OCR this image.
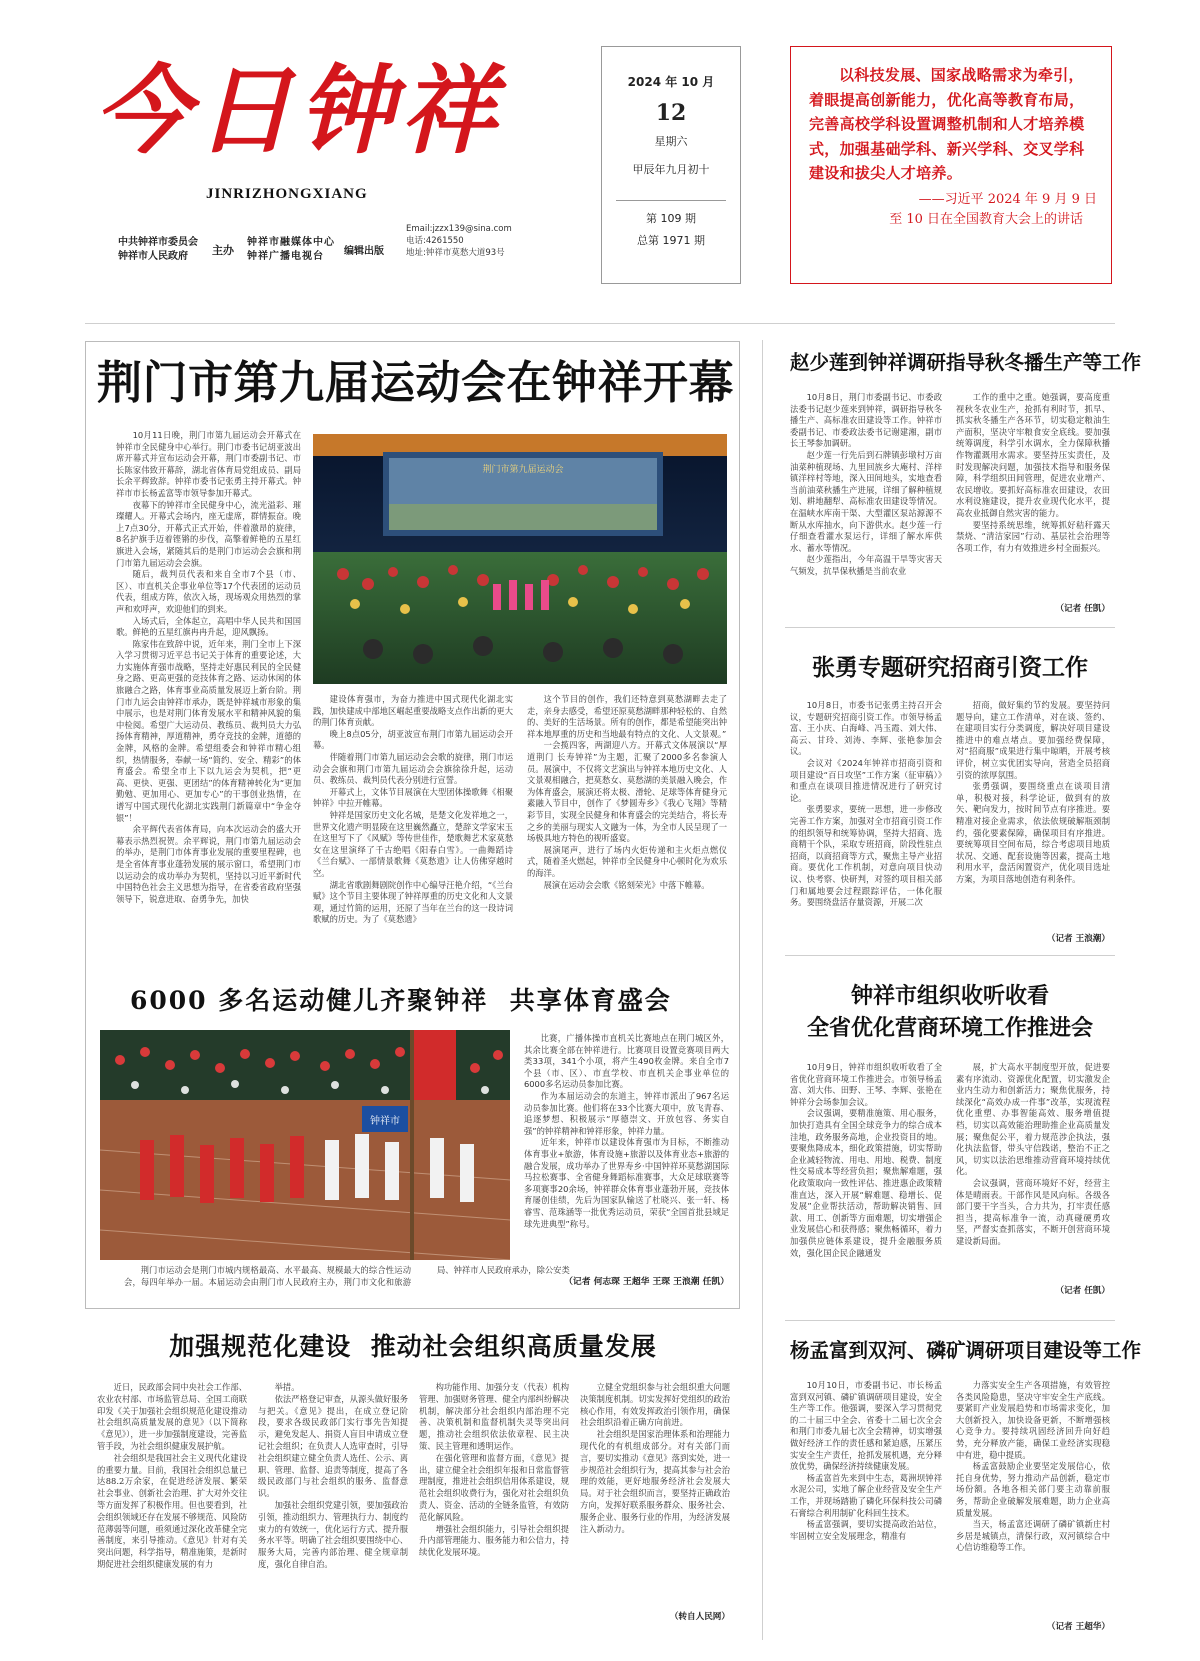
今日钟祥
JINRIZHONGXIANG
中共钟祥市委员会
钟祥市人民政府	主办
钟祥市融媒体中心
钟祥广播电视台	编辑出版
Email:jzzx139@sina.com
电话:4261550
地址:钟祥市莫愁大道93号
2024 年 10 月
12
星期六
甲辰年九月初十
第 109 期
总第 1971 期
以科技发展、国家战略需求为牵引，着眼提高创新能力，优化高等教育布局，完善高校学科设置调整机制和人才培养模式，加强基础学科、新兴学科、交叉学科建设和拔尖人才培养。
——习近平 2024 年 9 月 9 日
至 10 日在全国教育大会上的讲话
荆门市第九届运动会在钟祥开幕

10月11日晚，荆门市第九届运动会开幕式在钟祥市全民健身中心举行。荆门市委书记胡亚波出席开幕式并宣布运动会开幕，荆门市委副书记、市长陈家伟致开幕辞，湖北省体育局党组成员、副局长余平辉致辞。钟祥市委书记张勇主持开幕式。钟祥市市长杨孟富等市领导参加开幕式。

夜幕下的钟祥市全民健身中心，流光溢彩、璀璨耀人。开幕式会场内，座无虚席，群情振奋。晚上7点30分，开幕式正式开始，伴着激昂的旋律，8名护旗手迈着铿锵的步伐，高擎着鲜艳的五星红旗进入会场，紧随其后的是荆门市运动会会旗和荆门市第九届运动会会旗。

随后，裁判员代表和来自全市7个县（市、区）、市直机关企事业单位等17个代表团的运动员代表，组成方阵，依次入场，现场观众用热烈的掌声和欢呼声，欢迎他们的到来。

入场式后，全体起立，高唱中华人民共和国国歌。鲜艳的五星红旗冉冉升起，迎风飘扬。

陈家伟在致辞中说，近年来，荆门全市上下深入学习贯彻习近平总书记关于体育的重要论述，大力实施体育强市战略，坚持走好惠民利民的全民健身之路、更高更强的竞技体育之路、运动休闲的体旅融合之路，体育事业高质量发展迈上新台阶。荆门市九运会由钟祥市承办，既是钟祥城市形象的集中展示，也是对荆门体育发展水平和精神风貌的集中检阅。希望广大运动员、教练员、裁判员大力弘扬体育精神，厚道精神，勇夺竞技的金牌，道德的金牌，风格的金牌。希望组委会和钟祥市精心组织，热情服务，奉献一场“简约、安全、精彩”的体育盛会。希望全市上下以九运会为契机，把“更高、更快、更强、更团结”的体育精神转化为“更加勤勉、更加用心、更加专心”的干事创业热情，在谱写中国式现代化湖北实践荆门新篇章中“争金夺银”！

余平辉代表省体育局，向本次运动会的盛大开幕表示热烈祝贺。余平辉说，荆门市第九届运动会的举办，是荆门市体育事业发展的重要里程碑，也是全省体育事业蓬勃发展的展示窗口，希望荆门市以运动会的成功举办为契机，坚持以习近平新时代中国特色社会主义思想为指导，在省委省政府坚强领导下，锐意进取、奋勇争先，加快

荆门市第九届运动会

建设体育强市，为奋力推进中国式现代化湖北实践，加快建成中部地区崛起重要战略支点作出新的更大的荆门体育贡献。

晚上8点05分，胡亚波宣布荆门市第九届运动会开幕。

伴随着荆门市第九届运动会会歌的旋律，荆门市运动会会旗和荆门市第九届运动会会旗徐徐升起，运动员、教练员、裁判员代表分别进行宣誓。

开幕式上，文体节目展演在大型团体操歌舞《相聚钟祥》中拉开帷幕。

钟祥是国家历史文化名城，是楚文化发祥地之一，世界文化遗产明显陵在这里巍然矗立，楚辞文学家宋玉在这里写下了《风赋》等传世佳作，楚歌舞艺术家莫愁女在这里演绎了千古绝唱《阳春白雪》。一曲舞蹈诗《兰台赋》、一部情景歌舞《莫愁遗》让人仿佛穿越时空。

湖北省歌剧舞剧院创作中心编导汪艳介绍，“《兰台赋》这个节目主要体现了钟祥厚重的历史文化和人文景观，通过竹简的运用，还原了当年在兰台的这一段诗词歌赋的历史。为了《莫愁遗》

这个节目的创作，我们还特意到莫愁湖畔去走了走，亲身去感受，希望还原莫愁湖畔那种轻松的、自然的、美好的生活场景。所有的创作，都是希望能突出钟祥本地厚重的历史和当地最有特点的文化、人文景观。”

一会揽四客，两湖迎八方。开幕式文体展演以“厚道荆门 长寿钟祥”为主题，汇聚了2000多名参演人员。展演中，不仅将文艺演出与钟祥本地历史文化、人文景观相融合，把莫愁女、莫愁湖的美景融入晚会，作为体育盛会，展演还将太极、滑轮、足球等体育健身元素融入节目中，创作了《梦圆寿乡》《我心飞翔》等精彩节目，实现全民健身和体育盛会的完美结合，将长寿之乡的美丽与现实人文融为一体，为全市人民呈现了一场极具地方特色的视听盛宴。

展演尾声，进行了场内火炬传递和主火炬点燃仪式，随着圣火燃起，钟祥市全民健身中心顿时化为欢乐的海洋。

展演在运动会会歌《铭刻荣光》中落下帷幕。

6000 多名运动健儿齐聚钟祥  共享体育盛会
钟祥市

比赛，广播体操市直机关比赛地点在荆门城区外，其余比赛全部在钟祥进行。比赛项目设置竞赛项目两大类33项，341个小项，将产生490枚金牌。来自全市7个县（市、区）、市直学校、市直机关企事业单位的6000多名运动员参加比赛。

作为本届运动会的东道主，钟祥市派出了967名运动员参加比赛。他们将在33个比赛大项中，放飞青春、追逐梦想、积极展示“厚德崇文、开放包容、务实自强”的钟祥精神和钟祥形象，钟祥力量。

近年来，钟祥市以建设体育强市为目标，不断推动体育事业+旅游，体育设施+旅游以及体育业态+旅游的融合发展，成功举办了世界寿乡·中国钟祥环莫愁湖国际马拉松赛事、全省健身舞蹈标准赛事，大众足球联赛等多项赛事20余场，钟祥群众体育事业蓬勃开展，竞技体育屡创佳绩，先后为国家队输送了杜晓兴、张一轩、杨睿雪、范珠涵等一批优秀运动员，荣获“全国首批县域足球先进典型”称号。

荆门市运动会是荆门市城内规格最高、水平最高、规模最大的综合性运动会，每四年举办一届。本届运动会由荆门市人民政府主办，荆门市文化和旅游局、钟祥市人民政府承办，除公安类

（记者 何志琛 王超华 王琛 王浪潮 任凯）
赵少莲到钟祥调研指导秋冬播生产等工作

10月8日，荆门市委副书记、市委政法委书记赵少莲来到钟祥，调研指导秋冬播生产、高标准农田建设等工作。钟祥市委副书记、市委政法委书记谢建湘，副市长王琴参加调研。

赵少莲一行先后到石牌镇彭墩村万亩油菜种植现场、九里回族乡大庵村、洋梓镇洋梓村等地，深入田间地头，实地查看当前油菜秋播生产进展，详细了解种植规划、耕地翻犁、高标准农田建设等情况。在温峡水库南干渠、大型灌区泵站源源不断从水库抽水，向下游供水。赵少莲一行仔细查看灌水泵运行，详细了解水库供水、蓄水等情况。

赵少莲指出，今年高温干旱等灾害天气频发，抗旱保秋播是当前农业

工作的重中之重。她强调，要高度重视秋冬农业生产，抢抓有利时节，抓早、抓实秋冬播生产各环节，切实稳定粮油生产面积，坚决守牢粮食安全底线。要加强统筹调度，科学引水调水，全力保障秋播作物灌溉用水需求。要坚持压实责任，及时发现解决问题，加强技术指导和服务保障，科学组织田间管理，促进农业增产、农民增收。要抓好高标准农田建设，农田水利设施建设，提升农业现代化水平，提高农业抵御自然灾害的能力。

要坚持系统思维，统筹抓好秸秆露天禁烧、“清洁家园”行动、基层社会治理等各项工作，有力有效推进乡村全面振兴。

（记者 任凯）
张勇专题研究招商引资工作

10月8日，市委书记张勇主持召开会议，专题研究招商引资工作。市领导杨孟富、王小庆、白海峰、冯玉霞、刘大伟、高云、甘玲、刘涛、李辉、张艳参加会议。

会议对《2024年钟祥市招商引资和项目建设“百日攻坚”工作方案（征审稿）》和重点在谈项目推进情况进行了研究讨论。

张勇要求，要统一思想，进一步修改完善工作方案，加强对全市招商引资工作的组织领导和统筹协调，坚持大招商、选商精干个队，采取专班招商，阶段性驻点招商，以商招商等方式，聚焦主导产业招商。要优化工作机制，对意向项目快动议、快考察、快研判，对签约项目相关部门和属地要会过程跟踪评估，一体化服务。要围绕盘活存量资源，开展二次

招商，做好集约节约发展。要坚持问题导向，建立工作清单，对在谈、签约、在建项目实行分类调度，解决好项目建设推进中的难点堵点。要加强经费保障，对“招商服”成果进行集中晾晒，开展考核评价，树立实优团实导向，营造全员招商引资的浓厚氛围。

张勇强调，要围绕重点在谈项目清单，积极对接，科学论证，做到有的放矢、靶向发力，按时间节点有序推进。要精准对接企业需求，依法依规破解瓶颈制约，强化要素保障，确保项目有序推进。要统筹项目空间布局，综合考虑项目地质状况、交通、配套设施等因素，提高土地利用水平，盘活闲置资产，优化项目选址方案，为项目落地创造有利条件。

（记者 王浪潮）
钟祥市组织收听收看
全省优化营商环境工作推进会

10月9日，钟祥市组织收听收看了全省优化营商环境工作推进会。市领导杨孟富、刘大伟、田野、王琴、李辉、张艳在钟祥分会场参加会议。

会议强调，要精准施策、用心服务，加快打造具有全国全球竞争力的综合成本洼地，政务服务高地，企业投资目的地。要聚焦降成本，细化政策措施，切实帮助企业减轻物流、用电、用地、税费、制度性交易成本等经营负担；聚焦解难题，强化政策取向一致性评估、推进惠企政策精准直达，深入开展“解难题、稳增长、促发展”企业帮扶活动，帮助解决销售、回款、用工、创新等方面难题，切实增强企业发展信心和获得感；聚焦畅循环，着力加强供应链体系建设，提升金融服务质效，强化国企民企融通发

展，扩大高水平制度型开放，促进要素有序流动、资源优化配置，切实激发企业内生动力和创新活力；聚焦优服务，持续深化“高效办成一件事”改革，实现流程优化重塑、办事智能高效、服务增值提档，切实以高效能治理助推企业高质量发展；聚焦促公平，着力规范涉企执法，强化执法监督，带头守信践诺，整治不正之风，切实以法治思维推动营商环境持续优化。

会议强调，营商环境好不好，经营主体是晴雨表。干部作风是风向标。各级各部门要干字当头，合力共为，打牢责任感担当，提高标准争一流，动真碰硬勇攻坚，严督实查抓落实，不断开创营商环境建设新局面。

（记者 任凯）
杨孟富到双河、磷矿调研项目建设等工作

10月10日，市委副书记、市长杨孟富到双河镇、磷矿镇调研项目建设，安全生产等工作。他强调，要深入学习贯彻党的二十届三中全会、省委十二届七次全会和荆门市委九届七次全会精神，切实增强做好经济工作的责任感和紧迫感，压紧压实安全生产责任，抢抓发展机遇，充分释放优势，确保经济持续健康发展。

杨孟富首先来到中生态，葛洲坝钟祥水泥公司，实地了解企业经营及安全生产工作，并现场踏勘了磷化环保科技公司磷石膏综合利用制矿化科回生技术。

杨孟富强调，要切实提高政治站位，牢固树立安全发展理念，精准有

力落实安全生产各项措施，有效管控各类风险隐患，坚决守牢安全生产底线。要紧盯产业发展趋势和市场需求变化，加大创新投入，加快设备更新，不断增强核心竞争力。要持续巩固经济回升向好趋势，充分释放产能，确保工业经济实现稳中有进，稳中提质。

杨孟富鼓励企业要坚定发展信心，依托自身优势，努力推动产品创新，稳定市场份额。各地各相关部门要主动靠前服务，帮助企业破解发展难题，助力企业高质量发展。

当天，杨孟富还调研了磷矿镇新庄村乡居是城镇点，清保行政，双河镇综合中心信访维稳等工作。

（记者 王超华）
加强规范化建设  推动社会组织高质量发展

近日，民政部会同中央社会工作部、农业农村部、市场监管总局、全国工商联印发《关于加强社会组织规范化建设推动社会组织高质量发展的意见》（以下简称《意见》），进一步加强制度建设，完善监管手段，为社会组织健康发展护航。

社会组织是我国社会主义现代化建设的重要力量。目前，我国社会组织总量已达88.2万余家，在促进经济发展、繁荣社会事业、创新社会治理、扩大对外交往等方面发挥了积极作用。但也要看到，社会组织领域还存在发展不够规范、风险防范薄弱等问题，亟须通过深化改革健全完善制度，来引导推动。《意见》针对有关突出问题，科学指导，精准施策，是新时期促进社会组织健康发展的有力

举措。

依法严格登记审查，从源头做好服务与把关。《意见》提出，在成立登记阶段，要求各级民政部门实行事先告知提示，避免发起人、捐资人盲目申请成立登记社会组织；在负责人人选审查时，引导社会组织建立健全负责人选任、公示、离职、管理、监督、追责等制度，提高了各级民政部门与社会组织的服务、监督意识。

加强社会组织党建引领，要加强政治引领，推动组织力、管理执行力、制度约束力的有效统一，优化运行方式、提升服务水平等。明确了社会组织要围绕中心、服务大局，完善内部治理、健全规章制度，强化自律自治。

构功能作用、加强分支（代表）机构管理、加强财务管理、健全内部纠纷解决机制，解决部分社会组织内部治理不完善、决策机制和监督机制失灵等突出问题，推动社会组织依法依章程、民主决策、民主管理和透明运作。

在强化管理和监督方面，《意见》提出，建立健全社会组织年报和日常监督管理制度，推进社会组织信用体系建设，规范社会组织收费行为，强化对社会组织负责人、资金、活动的全链条监管，有效防范化解风险。

增强社会组织能力，引导社会组织提升内部管理能力、服务能力和公信力，持续优化发展环境。

立健全党组织参与社会组织重大问题决策制度机制。切实发挥好党组织的政治核心作用，有效发挥政治引领作用，确保社会组织沿着正确方向前进。

社会组织是国家治理体系和治理能力现代化的有机组成部分。对有关部门而言，要切实推动《意见》落到实处，进一步规范社会组织行为，提高其参与社会治理的效能，更好地服务经济社会发展大局。对于社会组织而言，要坚持正确政治方向，发挥好联系服务群众、服务社会、服务企业、服务行业的作用，为经济发展注入新动力。

（转自人民网）
